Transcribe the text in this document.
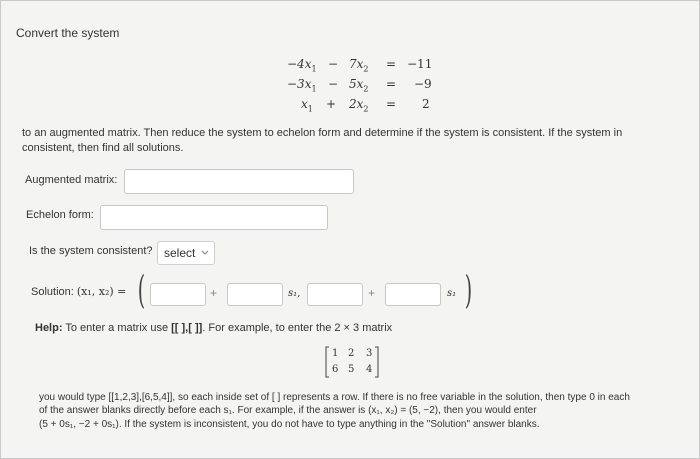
Convert the system
$-4x_1 - 7x_2 = -11$
$-3x_1 - 5x_2 = -9$
$x_1 + 2x_2 = 2$
to an augmented matrix. Then reduce the system to echelon form and determine if the system is consistent. If the system in
consistent, then find all solutions.
Augmented matrix:
Echelon form:
Is the system consistent? select
Solution: (x₁, x₂) = (	+	s₁,	+	s₁ )
Help: To enter a matrix use [[ ],[ ]]. For example, to enter the 2 × 3 matrix
1 2 3
6 5 4
you would type [[1,2,3],[6,5,4]], so each inside set of [ ] represents a row. If there is no free variable in the solution, then type 0 in each
of the answer blanks directly before each s₁. For example, if the answer is (x₁, x₂) = (5, −2), then you would enter
(5 + 0s₁, −2 + 0s₁). If the system is inconsistent, you do not have to type anything in the "Solution" answer blanks.
